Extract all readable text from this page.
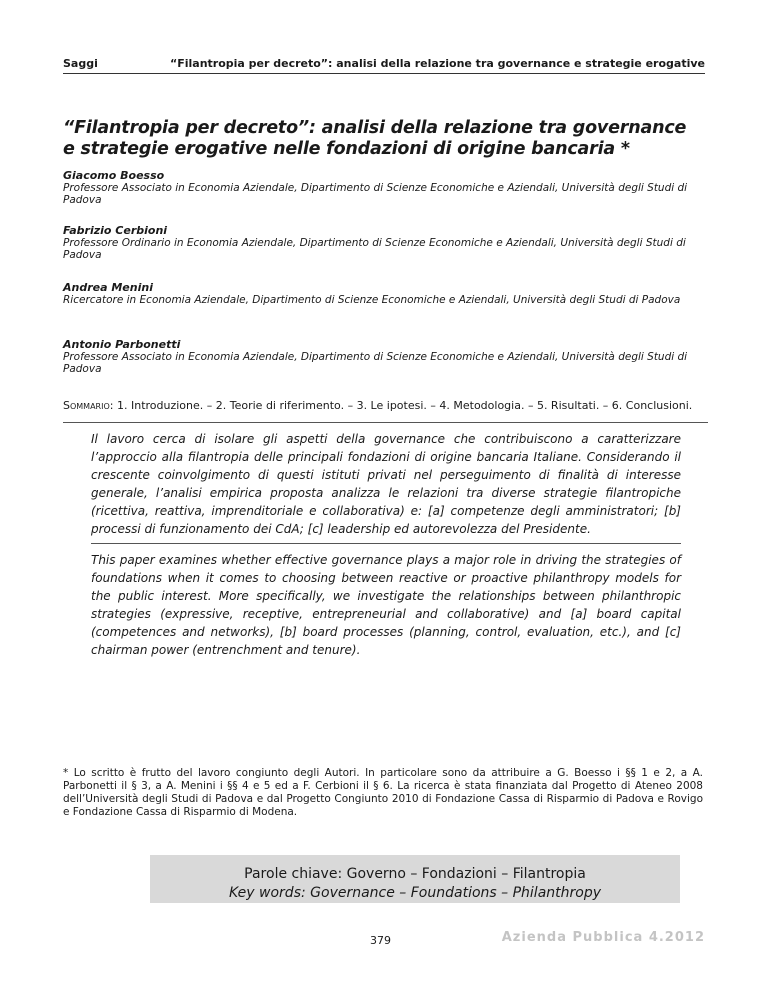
Saggi	“Filantropia per decreto”: analisi della relazione tra governance e strategie erogative
“Filantropia per decreto”: analisi della relazione tra governance e strategie erogative nelle fondazioni di origine bancaria *
Giacomo Boesso
Professore Associato in Economia Aziendale, Dipartimento di Scienze Economiche e Aziendali, Università degli Studi di Padova
Fabrizio Cerbioni
Professore Ordinario in Economia Aziendale, Dipartimento di Scienze Economiche e Aziendali, Università degli Studi di Padova
Andrea Menini
Ricercatore in Economia Aziendale, Dipartimento di Scienze Economiche e Aziendali, Università degli Studi di Padova
Antonio Parbonetti
Professore Associato in Economia Aziendale, Dipartimento di Scienze Economiche e Aziendali, Università degli Studi di Padova
Sommario: 1. Introduzione. – 2. Teorie di riferimento. – 3. Le ipotesi. – 4. Metodologia. – 5. Risultati. – 6. Conclusioni.
Il lavoro cerca di isolare gli aspetti della governance che contribuiscono a caratterizzare l’approccio alla filantropia delle principali fondazioni di origine bancaria Italiane. Considerando il crescente coinvolgimento di questi istituti privati nel perseguimento di finalità di interesse generale, l’analisi empirica proposta analizza le relazioni tra diverse strategie filantropiche (ricettiva, reattiva, imprenditoriale e collaborativa) e: [a] competenze degli amministratori; [b] processi di funzionamento dei CdA; [c] leadership ed autorevolezza del Presidente.
This paper examines whether effective governance plays a major role in driving the strategies of foundations when it comes to choosing between reactive or proactive philanthropy models for the public interest. More specifically, we investigate the relationships between philanthropic strategies (expressive, receptive, entrepreneurial and collaborative) and [a] board capital (competences and networks), [b] board processes (planning, control, evaluation, etc.), and [c] chairman power (entrenchment and tenure).
* Lo scritto è frutto del lavoro congiunto degli Autori. In particolare sono da attribuire a G. Boesso i §§ 1 e 2, a A. Parbonetti il § 3, a A. Menini i §§ 4 e 5 ed a F. Cerbioni il § 6. La ricerca è stata finanziata dal Progetto di Ateneo 2008 dell’Università degli Studi di Padova e dal Progetto Congiunto 2010 di Fondazione Cassa di Risparmio di Padova e Rovigo e Fondazione Cassa di Risparmio di Modena.
Parole chiave: Governo – Fondazioni – Filantropia
Key words: Governance – Foundations – Philanthropy
379	Azienda Pubblica 4.2012
